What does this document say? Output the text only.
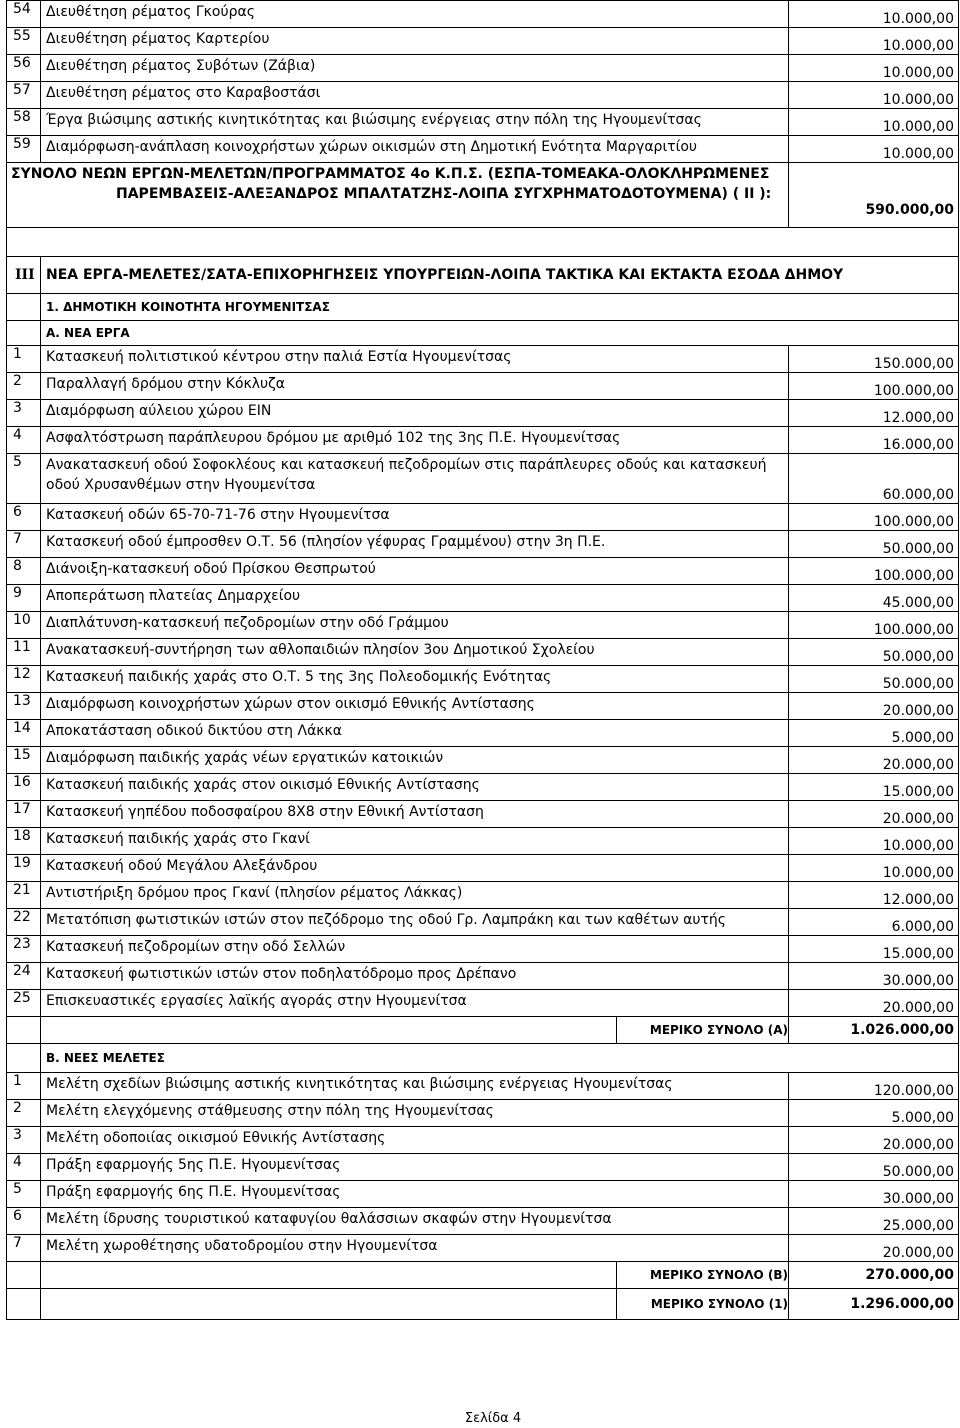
54	Διευθέτηση ρέματος Γκούρας		10.000,00
55	Διευθέτηση ρέματος Καρτερίου		10.000,00
56	Διευθέτηση ρέματος Συβότων (Ζάβια)		10.000,00
57	Διευθέτηση ρέματος στο Καραβοστάσι		10.000,00
58	Έργα βιώσιμης αστικής κινητικότητας και βιώσιμης ενέργειας στην πόλη της Ηγουμενίτσας		10.000,00
59	Διαμόρφωση-ανάπλαση κοινοχρήστων χώρων οικισμών στη Δημοτική Ενότητα Μαργαριτίου		10.000,00

ΣΥΝΟΛΟ ΝΕΩΝ ΕΡΓΩΝ-ΜΕΛΕΤΩΝ/ΠΡΟΓΡΑΜΜΑΤΟΣ 4ο Κ.Π.Σ. (ΕΣΠΑ-ΤΟΜΕΑΚΑ-ΟΛΟΚΛΗΡΩΜΕΝΕΣ
ΠΑΡΕΜΒΑΣΕΙΣ-ΑΛΕΞΑΝΔΡΟΣ ΜΠΑΛΤΑΤΖΗΣ-ΛΟΙΠΑ ΣΥΓΧΡΗΜΑΤΟΔΟΤΟΥΜΕΝΑ) ( ΙΙ ):			590.000,00

ΙΙΙ	ΝΕΑ ΕΡΓΑ-ΜΕΛΕΤΕΣ/ΣΑΤΑ-ΕΠΙΧΟΡΗΓΗΣΕΙΣ ΥΠΟΥΡΓΕΙΩΝ-ΛΟΙΠΑ ΤΑΚΤΙΚΑ ΚΑΙ ΕΚΤΑΚΤΑ ΕΣΟΔΑ ΔΗΜΟΥ		
	1. ΔΗΜΟΤΙΚΗ ΚΟΙΝΟΤΗΤΑ ΗΓΟΥΜΕΝΙΤΣΑΣ		
	Α. ΝΕΑ ΕΡΓΑ		
1	Κατασκευή πολιτιστικού κέντρου στην παλιά Εστία Ηγουμενίτσας		150.000,00
2	Παραλλαγή δρόμου στην Κόκλυζα		100.000,00
3	Διαμόρφωση αύλειου χώρου ΕΙΝ		12.000,00
4	Ασφαλτόστρωση παράπλευρου δρόμου με αριθμό 102 της 3ης Π.Ε. Ηγουμενίτσας		16.000,00
5	Ανακατασκευή οδού Σοφοκλέους και κατασκευή πεζοδρομίων στις παράπλευρες οδούς και κατασκευή οδού Χρυσανθέμων στην Ηγουμενίτσα		60.000,00
6	Κατασκευή οδών 65-70-71-76 στην Ηγουμενίτσα		100.000,00
7	Κατασκευή οδού έμπροσθεν Ο.Τ. 56 (πλησίον γέφυρας Γραμμένου) στην 3η Π.Ε.		50.000,00
8	Διάνοιξη-κατασκευή οδού Πρίσκου Θεσπρωτού		100.000,00
9	Αποπεράτωση πλατείας Δημαρχείου		45.000,00
10	Διαπλάτυνση-κατασκευή πεζοδρομίων στην οδό Γράμμου		100.000,00
11	Ανακατασκευή-συντήρηση των αθλοπαιδιών πλησίον 3ου Δημοτικού Σχολείου		50.000,00
12	Κατασκευή παιδικής χαράς στο Ο.Τ. 5 της 3ης Πολεοδομικής Ενότητας		50.000,00
13	Διαμόρφωση κοινοχρήστων χώρων στον οικισμό Εθνικής Αντίστασης		20.000,00
14	Αποκατάσταση οδικού δικτύου στη Λάκκα		5.000,00
15	Διαμόρφωση παιδικής χαράς νέων εργατικών κατοικιών		20.000,00
16	Κατασκευή παιδικής χαράς στον οικισμό Εθνικής Αντίστασης		15.000,00
17	Κατασκευή γηπέδου ποδοσφαίρου 8Χ8 στην Εθνική Αντίσταση		20.000,00
18	Κατασκευή παιδικής χαράς στο Γκανί		10.000,00
19	Κατασκευή οδού Μεγάλου Αλεξάνδρου		10.000,00
21	Αντιστήριξη δρόμου προς Γκανί (πλησίον ρέματος Λάκκας)		12.000,00
22	Μετατόπιση φωτιστικών ιστών στον πεζόδρομο της οδού Γρ. Λαμπράκη και των καθέτων αυτής		6.000,00
23	Κατασκευή πεζοδρομίων στην οδό Σελλών		15.000,00
24	Κατασκευή φωτιστικών ιστών στον ποδηλατόδρομο προς Δρέπανο		30.000,00
25	Επισκευαστικές εργασίες λαϊκής αγοράς στην Ηγουμενίτσα		20.000,00
		ΜΕΡΙΚΟ ΣΥΝΟΛΟ (Α)	1.026.000,00
	Β. ΝΕΕΣ ΜΕΛΕΤΕΣ		
1	Μελέτη σχεδίων βιώσιμης αστικής κινητικότητας και βιώσιμης ενέργειας Ηγουμενίτσας		120.000,00
2	Μελέτη ελεγχόμενης στάθμευσης στην πόλη της Ηγουμενίτσας		5.000,00
3	Μελέτη οδοποιίας οικισμού Εθνικής Αντίστασης		20.000,00
4	Πράξη εφαρμογής 5ης Π.Ε. Ηγουμενίτσας		50.000,00
5	Πράξη εφαρμογής 6ης Π.Ε. Ηγουμενίτσας		30.000,00
6	Μελέτη ίδρυσης τουριστικού καταφυγίου θαλάσσιων σκαφών στην Ηγουμενίτσα		25.000,00
7	Μελέτη χωροθέτησης υδατοδρομίου στην Ηγουμενίτσα		20.000,00
		ΜΕΡΙΚΟ ΣΥΝΟΛΟ (Β)	270.000,00
		ΜΕΡΙΚΟ ΣΥΝΟΛΟ (1)	1.296.000,00
Σελίδα 4
